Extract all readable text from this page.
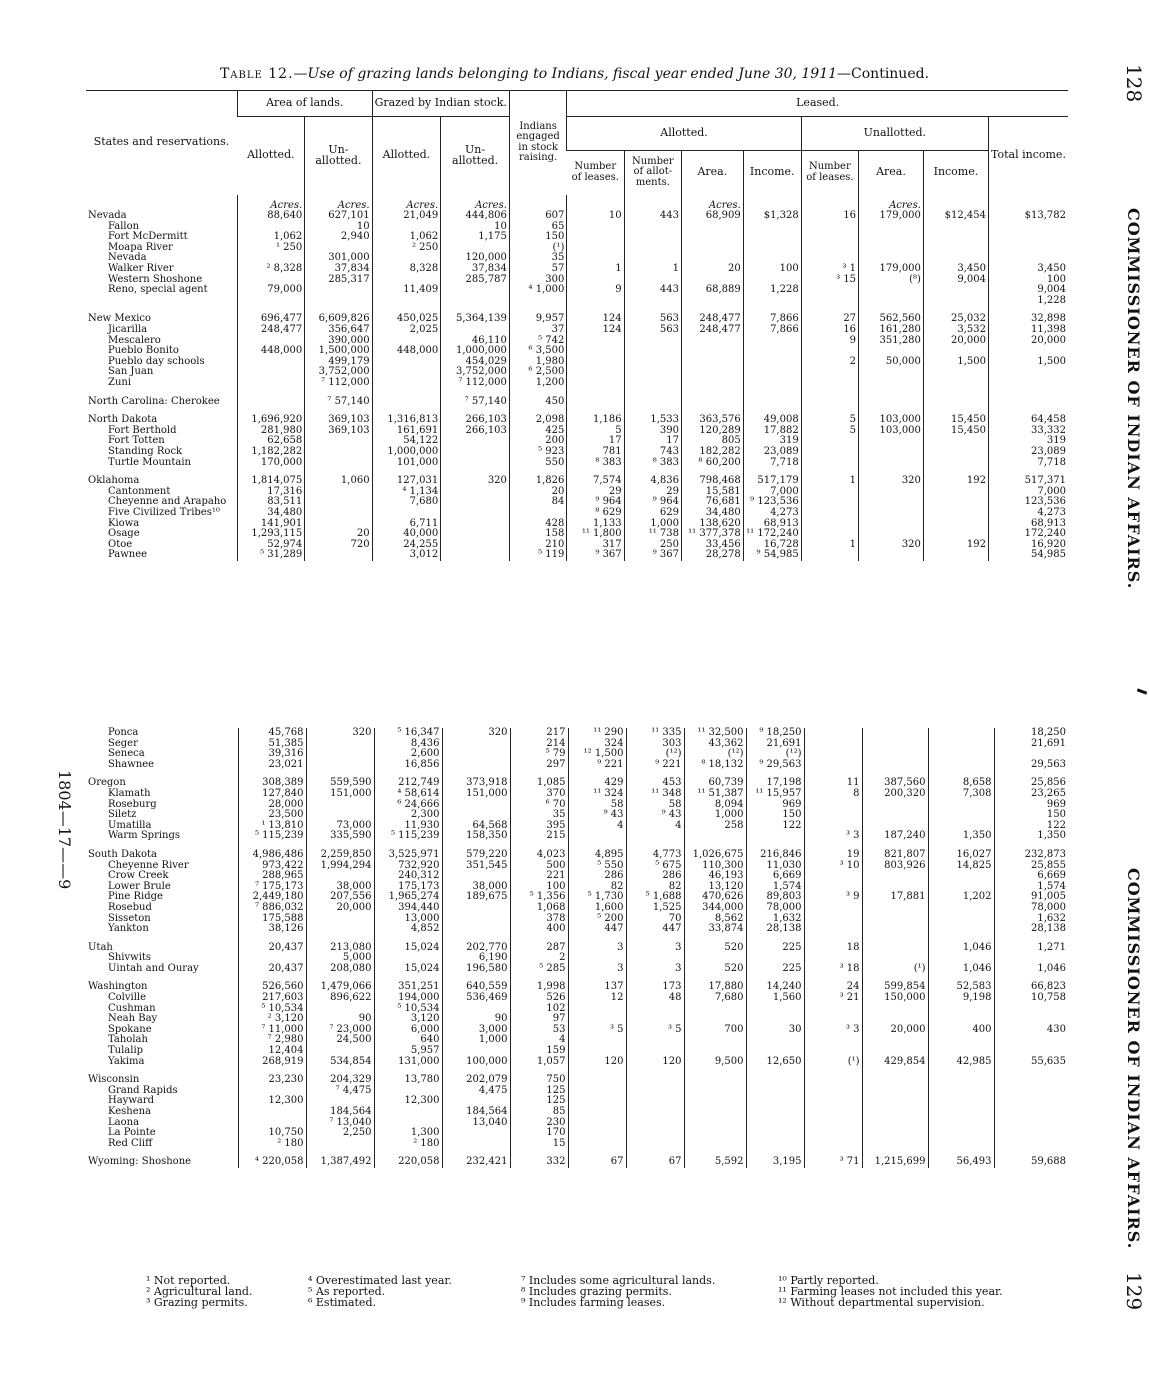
Table 12.—Use of grazing lands belonging to Indians, fiscal year ended June 30, 1911—Continued.	128
COMMISSIONER OF INDIAN AFFAIRS.
129
COMMISSIONER OF INDIAN AFFAIRS.
1804—17——9
States and reservations.	Area of lands.		Grazed by Indian stock.		Indians engaged in stock raising.	Leased.							
	Allotted.	Un-allotted.	Allotted.	Un-allotted.		Allotted.				Unallotted.			Total income.
						Number of leases.	Number of allot-ments.	Area.	Income.	Number of leases.	Area.	Income.	
	Acres.	Acres.	Acres.	Acres.				Acres.			Acres.		
Nevada	88,640	627,101	21,049	444,806	607	10	443	68,909	$1,328	16	179,000	$12,454	$13,782
Fallon		10		10	65								
Fort McDermitt	1,062	2,940	1,062	1,175	150								
Moapa River	¹ 250		² 250		(¹)								
Nevada		301,000		120,000	35								
Walker River	² 8,328	37,834	8,328	37,834	57	1	1	20	100	³ 1	179,000	3,450	3,450
Western Shoshone		285,317		285,787	300					³ 15	(⁸)	9,004	100
Reno, special agent	79,000		11,409		⁴ 1,000	9	443	68,889	1,228				9,004
													1,228

New Mexico	696,477	6,609,826	450,025	5,364,139	9,957	124	563	248,477	7,866	27	562,560	25,032	32,898
Jicarilla	248,477	356,647	2,025		37	124	563	248,477	7,866	16	161,280	3,532	11,398
Mescalero		390,000		46,110	⁵ 742					9	351,280	20,000	20,000
Pueblo Bonito	448,000	1,500,000	448,000	1,000,000	⁶ 3,500								
Pueblo day schools		499,179		454,029	1,980					2	50,000	1,500	1,500
San Juan		3,752,000		3,752,000	⁶ 2,500								
Zuni		⁷ 112,000		⁷ 112,000	1,200								

North Carolina: Cherokee		⁷ 57,140		⁷ 57,140	450								

North Dakota	1,696,920	369,103	1,316,813	266,103	2,098	1,186	1,533	363,576	49,008	5	103,000	15,450	64,458
Fort Berthold	281,980	369,103	161,691	266,103	425	5	390	120,289	17,882	5	103,000	15,450	33,332
Fort Totten	62,658		54,122		200	17	17	805	319				319
Standing Rock	1,182,282		1,000,000		⁵ 923	781	743	182,282	23,089				23,089
Turtle Mountain	170,000		101,000		550	⁸ 383	⁸ 383	⁸ 60,200	7,718				7,718

Oklahoma	1,814,075	1,060	127,031	320	1,826	7,574	4,836	798,468	517,179	1	320	192	517,371
Cantonment	17,316		⁴ 1,134		20	29	29	15,581	7,000				7,000
Cheyenne and Arapaho	83,511		7,680		84	⁹ 964	⁹ 964	76,681	⁹ 123,536				123,536
Five Civilized Tribes¹⁰	34,480					⁸ 629	629	34,480	4,273				4,273
Kiowa	141,901		6,711		428	1,133	1,000	138,620	68,913				68,913
Osage	1,293,115	20	40,000		158	¹¹ 1,800	¹¹ 738	¹¹ 377,378	¹¹ 172,240				172,240
Otoe	52,974	720	24,255		210	317	250	33,456	16,728	1	320	192	16,920
Pawnee	⁵ 31,289		3,012		⁵ 119	⁹ 367	⁹ 367	28,278	⁹ 54,985				54,985
Ponca	45,768	320	⁵ 16,347	320	217	¹¹ 290	¹¹ 335	¹¹ 32,500	⁹ 18,250				18,250
Seger	51,385		8,436		214	324	303	43,362	21,691				21,691
Seneca	39,316		2,600		⁵ 79	¹² 1,500	(¹²)	(¹²)	(¹²)				
Shawnee	23,021		16,856		297	⁹ 221	⁹ 221	⁸ 18,132	⁹ 29,563				29,563

Oregon	308,389	559,590	212,749	373,918	1,085	429	453	60,739	17,198	11	387,560	8,658	25,856
Klamath	127,840	151,000	⁴ 58,614	151,000	370	¹¹ 324	¹¹ 348	¹¹ 51,387	¹¹ 15,957	8	200,320	7,308	23,265
Roseburg	28,000		⁶ 24,666		⁶ 70	58	58	8,094	969				969
Siletz	23,500		2,300		35	⁹ 43	⁹ 43	1,000	150				150
Umatilla	¹ 13,810	73,000	11,930	64,568	395	4	4	258	122				122
Warm Springs	⁵ 115,239	335,590	⁵ 115,239	158,350	215					³ 3	187,240	1,350	1,350

South Dakota	4,986,486	2,259,850	3,525,971	579,220	4,023	4,895	4,773	1,026,675	216,846	19	821,807	16,027	232,873
Cheyenne River	973,422	1,994,294	732,920	351,545	500	⁵ 550	⁵ 675	110,300	11,030	³ 10	803,926	14,825	25,855
Crow Creek	288,965		240,312		221	286	286	46,193	6,669				6,669
Lower Brule	⁷ 175,173	38,000	175,173	38,000	100	82	82	13,120	1,574				1,574
Pine Ridge	2,449,180	207,556	1,965,274	189,675	⁵ 1,356	⁵ 1,730	⁵ 1,688	470,626	89,803	³ 9	17,881	1,202	91,005
Rosebud	⁷ 886,032	20,000	394,440		1,068	1,600	1,525	344,000	78,000				78,000
Sisseton	175,588		13,000		378	⁵ 200	70	8,562	1,632				1,632
Yankton	38,126		4,852		400	447	447	33,874	28,138				28,138

Utah	20,437	213,080	15,024	202,770	287	3	3	520	225	18		1,046	1,271
Shivwits		5,000		6,190	2								
Uintah and Ouray	20,437	208,080	15,024	196,580	⁵ 285	3	3	520	225	³ 18	(¹)	1,046	1,046

Washington	526,560	1,479,066	351,251	640,559	1,998	137	173	17,880	14,240	24	599,854	52,583	66,823
Colville	217,603	896,622	194,000	536,469	526	12	48	7,680	1,560	³ 21	150,000	9,198	10,758
Cushman	⁵ 10,534		⁵ 10,534		102								
Neah Bay	² 3,120	90	3,120	90	97								
Spokane	⁷ 11,000	⁷ 23,000	6,000	3,000	53	³ 5	³ 5	700	30	³ 3	20,000	400	430
Taholah	⁷ 2,980	24,500	640	1,000	4								
Tulalip	12,404		5,957		159								
Yakima	268,919	534,854	131,000	100,000	1,057	120	120	9,500	12,650	(¹)	429,854	42,985	55,635

Wisconsin	23,230	204,329	13,780	202,079	750								
Grand Rapids		⁷ 4,475		4,475	125								
Hayward	12,300		12,300		125								
Keshena		184,564		184,564	85								
Laona		⁷ 13,040		13,040	230								
La Pointe	10,750	2,250	1,300		170								
Red Cliff	² 180		² 180		15								

Wyoming: Shoshone	⁴ 220,058	1,387,492	220,058	232,421	332	67	67	5,592	3,195	³ 71	1,215,699	56,493	59,688
¹ Not reported.
² Agricultural land.
³ Grazing permits.
⁴ Overestimated last year.
⁵ As reported.
⁶ Estimated.
⁷ Includes some agricultural lands.
⁸ Includes grazing permits.
⁹ Includes farming leases.
¹⁰ Partly reported.
¹¹ Farming leases not included this year.
¹² Without departmental supervision.
